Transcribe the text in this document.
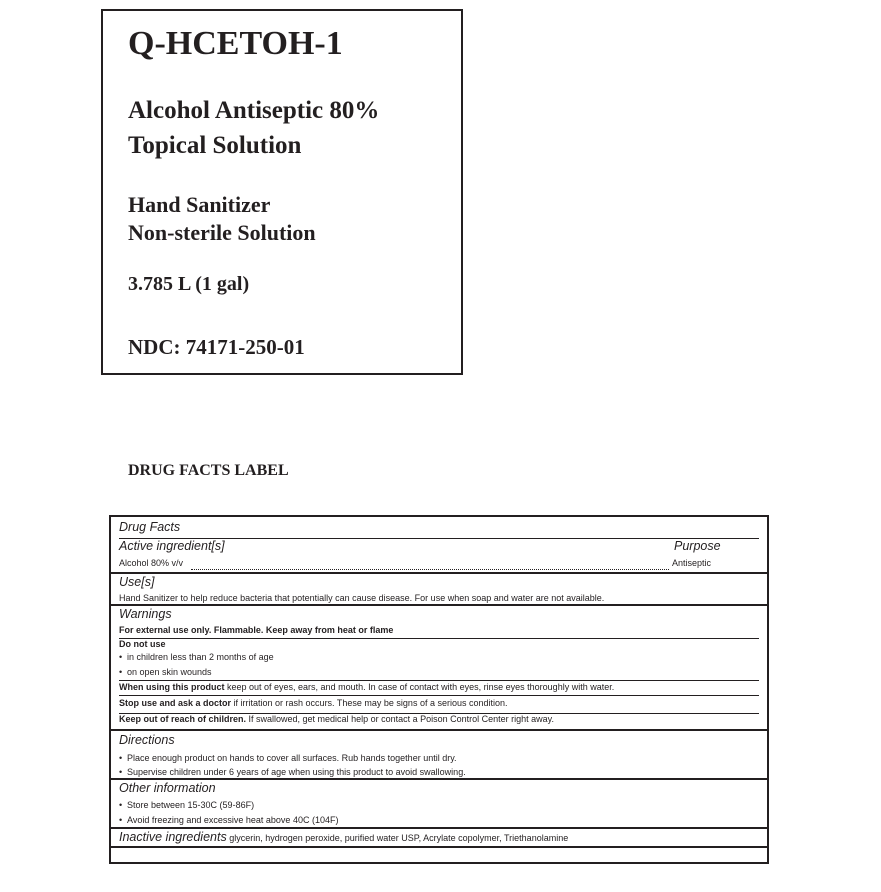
Q-HCETOH-1
Alcohol Antiseptic 80%
Topical Solution
Hand Sanitizer
Non-sterile Solution
3.785 L (1 gal)
NDC: 74171-250-01
DRUG FACTS LABEL
Drug Facts
Active ingredient[s]	Purpose
Alcohol 80% v/v	Antiseptic
Use[s]
Hand Sanitizer to help reduce bacteria that potentially can cause disease. For use when soap and water are not available.
Warnings
For external use only. Flammable. Keep away from heat or flame
Do not use
• in children less than 2 months of age
• on open skin wounds
When using this product keep out of eyes, ears, and mouth. In case of contact with eyes, rinse eyes thoroughly with water.
Stop use and ask a doctor if irritation or rash occurs. These may be signs of a serious condition.
Keep out of reach of children. If swallowed, get medical help or contact a Poison Control Center right away.
Directions
• Place enough product on hands to cover all surfaces. Rub hands together until dry.
• Supervise children under 6 years of age when using this product to avoid swallowing.
Other information
• Store between 15-30C (59-86F)
• Avoid freezing and excessive heat above 40C (104F)
Inactive ingredients glycerin, hydrogen peroxide, purified water USP, Acrylate copolymer, Triethanolamine
